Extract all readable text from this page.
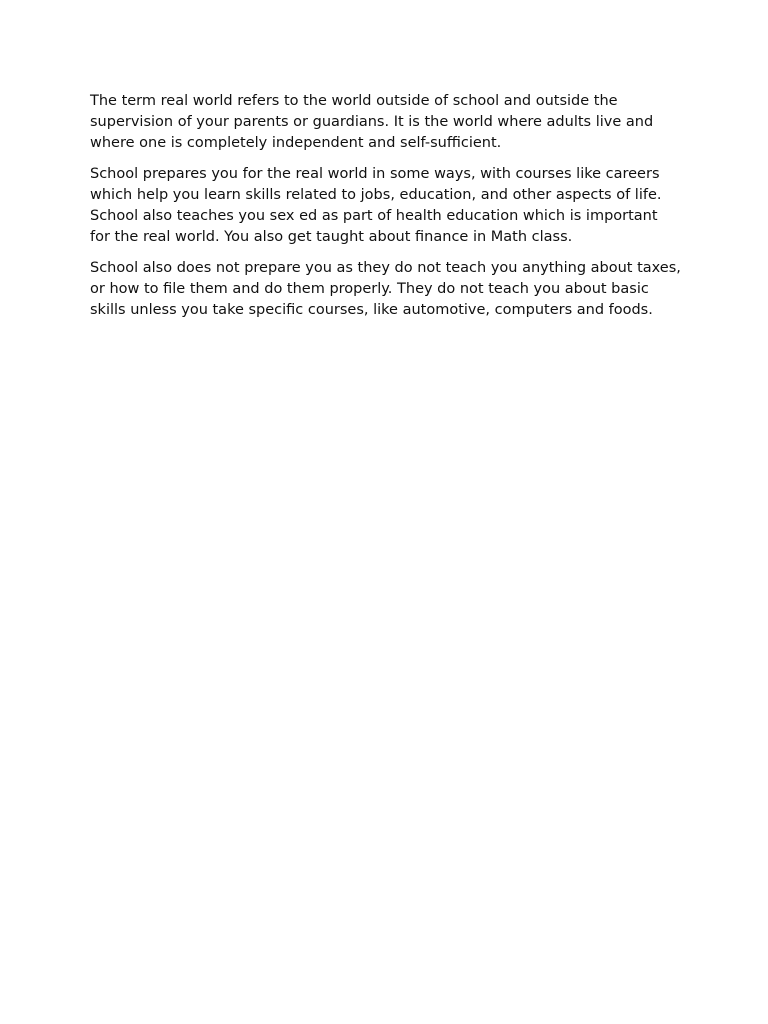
The term real world refers to the world outside of school and outside the supervision of your parents or guardians. It is the world where adults live and where one is completely independent and self-sufficient.

School prepares you for the real world in some ways, with courses like careers which help you learn skills related to jobs, education, and other aspects of life. School also teaches you sex ed as part of health education which is important for the real world. You also get taught about finance in Math class.

School also does not prepare you as they do not teach you anything about taxes, or how to file them and do them properly. They do not teach you about basic skills unless you take specific courses, like automotive, computers and foods.
